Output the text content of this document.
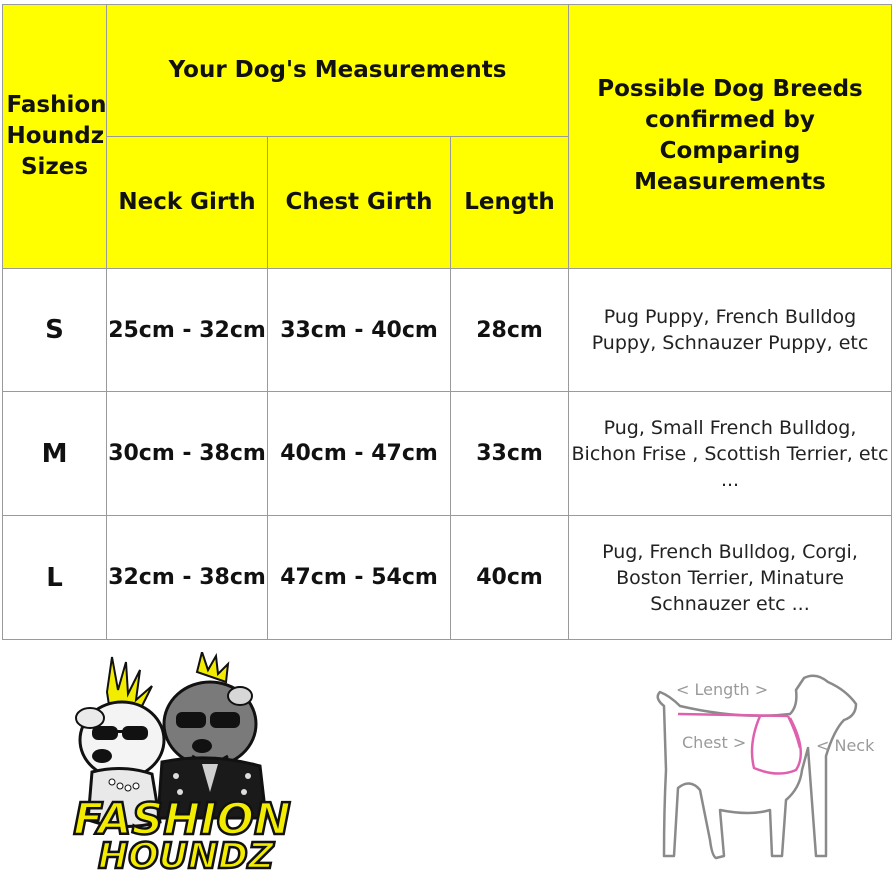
Fashion Houndz Sizes	Your Dog's Measurements			Possible Dog Breeds confirmed by Comparing Measurements

	Neck Girth	Chest Girth	Length	
S	25cm - 32cm	33cm - 40cm	28cm	Pug Puppy, French Bulldog Puppy, Schnauzer Puppy, etc
M	30cm - 38cm	40cm - 47cm	33cm	Pug, Small French Bulldog, Bichon Frise , Scottish Terrier, etc ...
L	32cm - 38cm	47cm - 54cm	40cm	Pug, French Bulldog, Corgi, Boston Terrier, Minature Schnauzer etc ...
FASHION
HOUNDZ
< Length >
Chest >	< Neck
